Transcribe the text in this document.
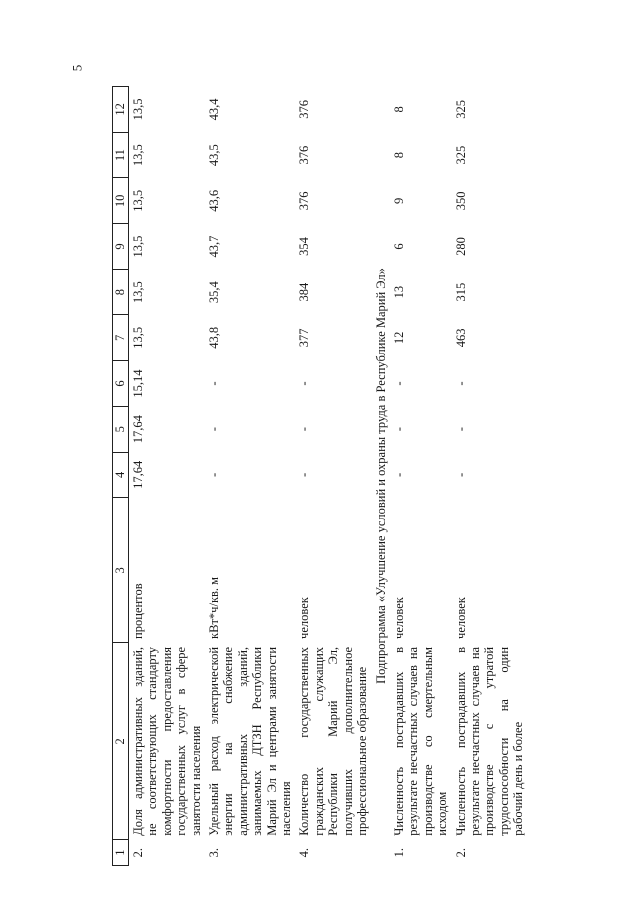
5
1	2	3	4	5	6	7	8	9	10	11	12
2.	Доля административных зданий, не соответствующих стандарту комфортности предоставления государственных услуг в сфере занятости населения	процентов	17,64	17,64	15,14	13,5	13,5	13,5	13,5	13,5	13,5
3.	Удельный расход электрической энергии на снабжение административных зданий, занимаемых ДТЗН Республики Марий Эл и центрами занятости населения	кВт*ч/кв. м	-	-	-	43,8	35,4	43,7	43,6	43,5	43,4
4.	Количество государственных гражданских служащих Республики Марий Эл, получивших дополнительное профессиональное образование	человек	-	-	-	377	384	354	376	376	376
Подпрограмма «Улучшение условий и охраны труда в Республике Марий Эл»											
1.	Численность пострадавших в результате несчастных случаев на производстве со смертельным исходом	человек	-	-	-	12	13	6	9	8	8
2.	Численность пострадавших в результате несчастных случаев на производстве с утратой трудоспособности на один рабочий день и более	человек	-	-	-	463	315	280	350	325	325
